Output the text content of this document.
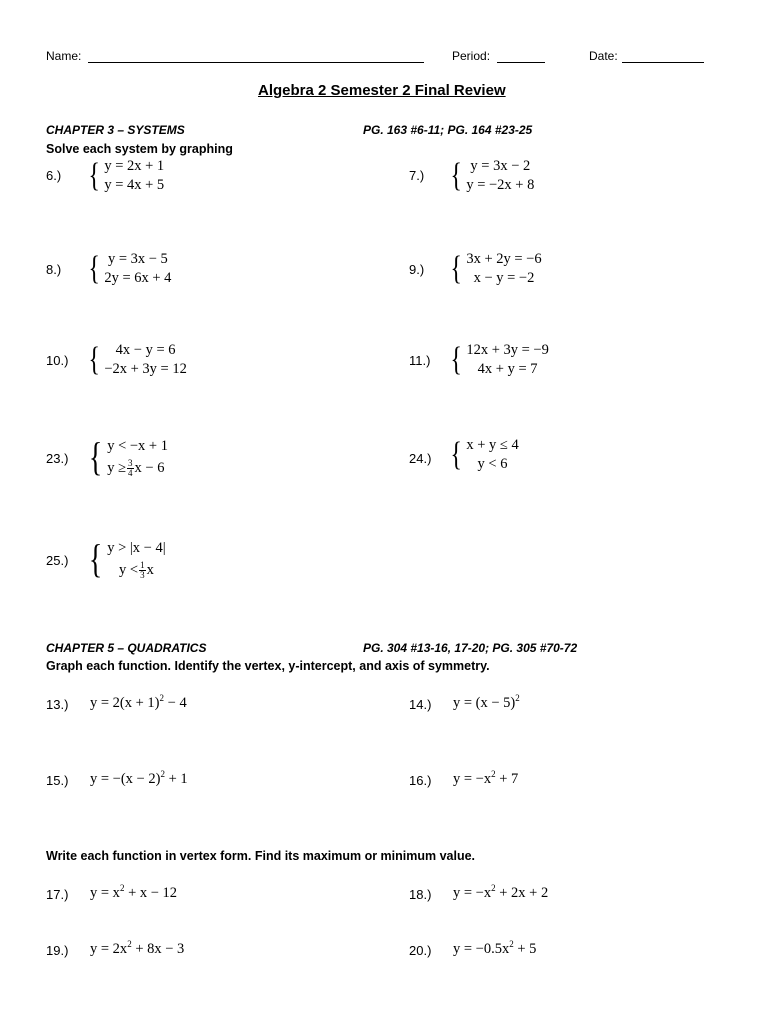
Name:	Period:	Date:
Algebra 2 Semester 2 Final Review
CHAPTER 3 – SYSTEMS	PG. 163 #6-11; PG. 164 #23-25
Solve each system by graphing
6.) { y = 2x + 1
y = 4x + 5
7.) { y = 3x − 2
y = −2x + 8
8.) { y = 3x − 5
2y = 6x + 4
9.) { 3x + 2y = −6
x − y = −2
10.) { 4x − y = 6
−2x + 3y = 12
11.) { 12x + 3y = −9
4x + y = 7
23.) { y < −x + 1
$y \ge \frac{3}{4}$ x − 6
24.) { x + y ≤ 4
y < 6
25.) { y > |x − 4|
$y < \frac{1}{3}$ x
CHAPTER 5 – QUADRATICS	PG. 304 #13-16, 17-20; PG. 305 #70-72
Graph each function. Identify the vertex, y-intercept, and axis of symmetry.
13.) $y = 2(x + 1)^2 - 4$	14.) $y = (x - 5)^2$
15.) $y = -(x - 2)^2 + 1$	16.) $y = -x^2 + 7$
Write each function in vertex form. Find its maximum or minimum value.
17.) $y = x^2 + x - 12$	18.) $y = -x^2 + 2x + 2$
19.) $y = 2x^2 + 8x - 3$	20.) $y = -0.5x^2 + 5$
